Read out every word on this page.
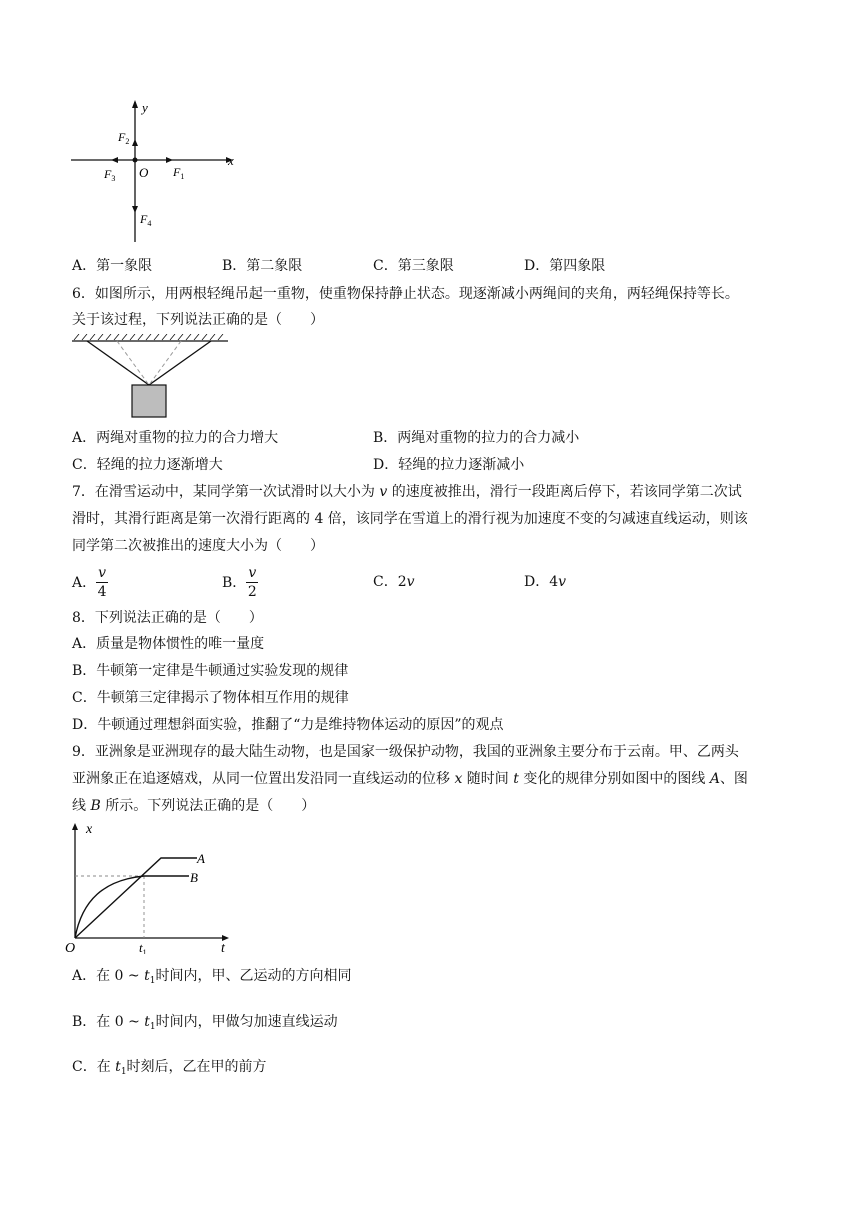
y
x
O
$F_2$
$F_3$	$F_1$
$F_4$
A．第一象限	B．第二象限	C．第三象限	D．第四象限
6．如图所示，用两根轻绳吊起一重物，使重物保持静止状态。现逐渐减小两绳间的夹角，两轻绳保持等长。
关于该过程，下列说法正确的是（　　）
A．两绳对重物的拉力的合力增大	B．两绳对重物的拉力的合力减小
C．轻绳的拉力逐渐增大	D．轻绳的拉力逐渐减小
7．在滑雪运动中，某同学第一次试滑时以大小为 v 的速度被推出，滑行一段距离后停下，若该同学第二次试
滑时，其滑行距离是第一次滑行距离的 4 倍，该同学在雪道上的滑行视为加速度不变的匀减速直线运动，则该
同学第二次被推出的速度大小为（　　）
A． $\frac{v}{4}$	B． $\frac{v}{2}$	C．2v	D．4v
8．下列说法正确的是（　　）
A．质量是物体惯性的唯一量度
B．牛顿第一定律是牛顿通过实验发现的规律
C．牛顿第三定律揭示了物体相互作用的规律
D．牛顿通过理想斜面实验，推翻了“力是维持物体运动的原因”的观点
9．亚洲象是亚洲现存的最大陆生动物，也是国家一级保护动物，我国的亚洲象主要分布于云南。甲、乙两头
亚洲象正在追逐嬉戏，从同一位置出发沿同一直线运动的位移 x 随时间 t 变化的规律分别如图中的图线 A、图
线 B 所示。下列说法正确的是（　　）
x
t
O	$t_1$
A
B
A．在 0 ~ $t_1$时间内，甲、乙运动的方向相同
B．在 0 ~ $t_1$时间内，甲做匀加速直线运动
C．在 $t_1$时刻后，乙在甲的前方
